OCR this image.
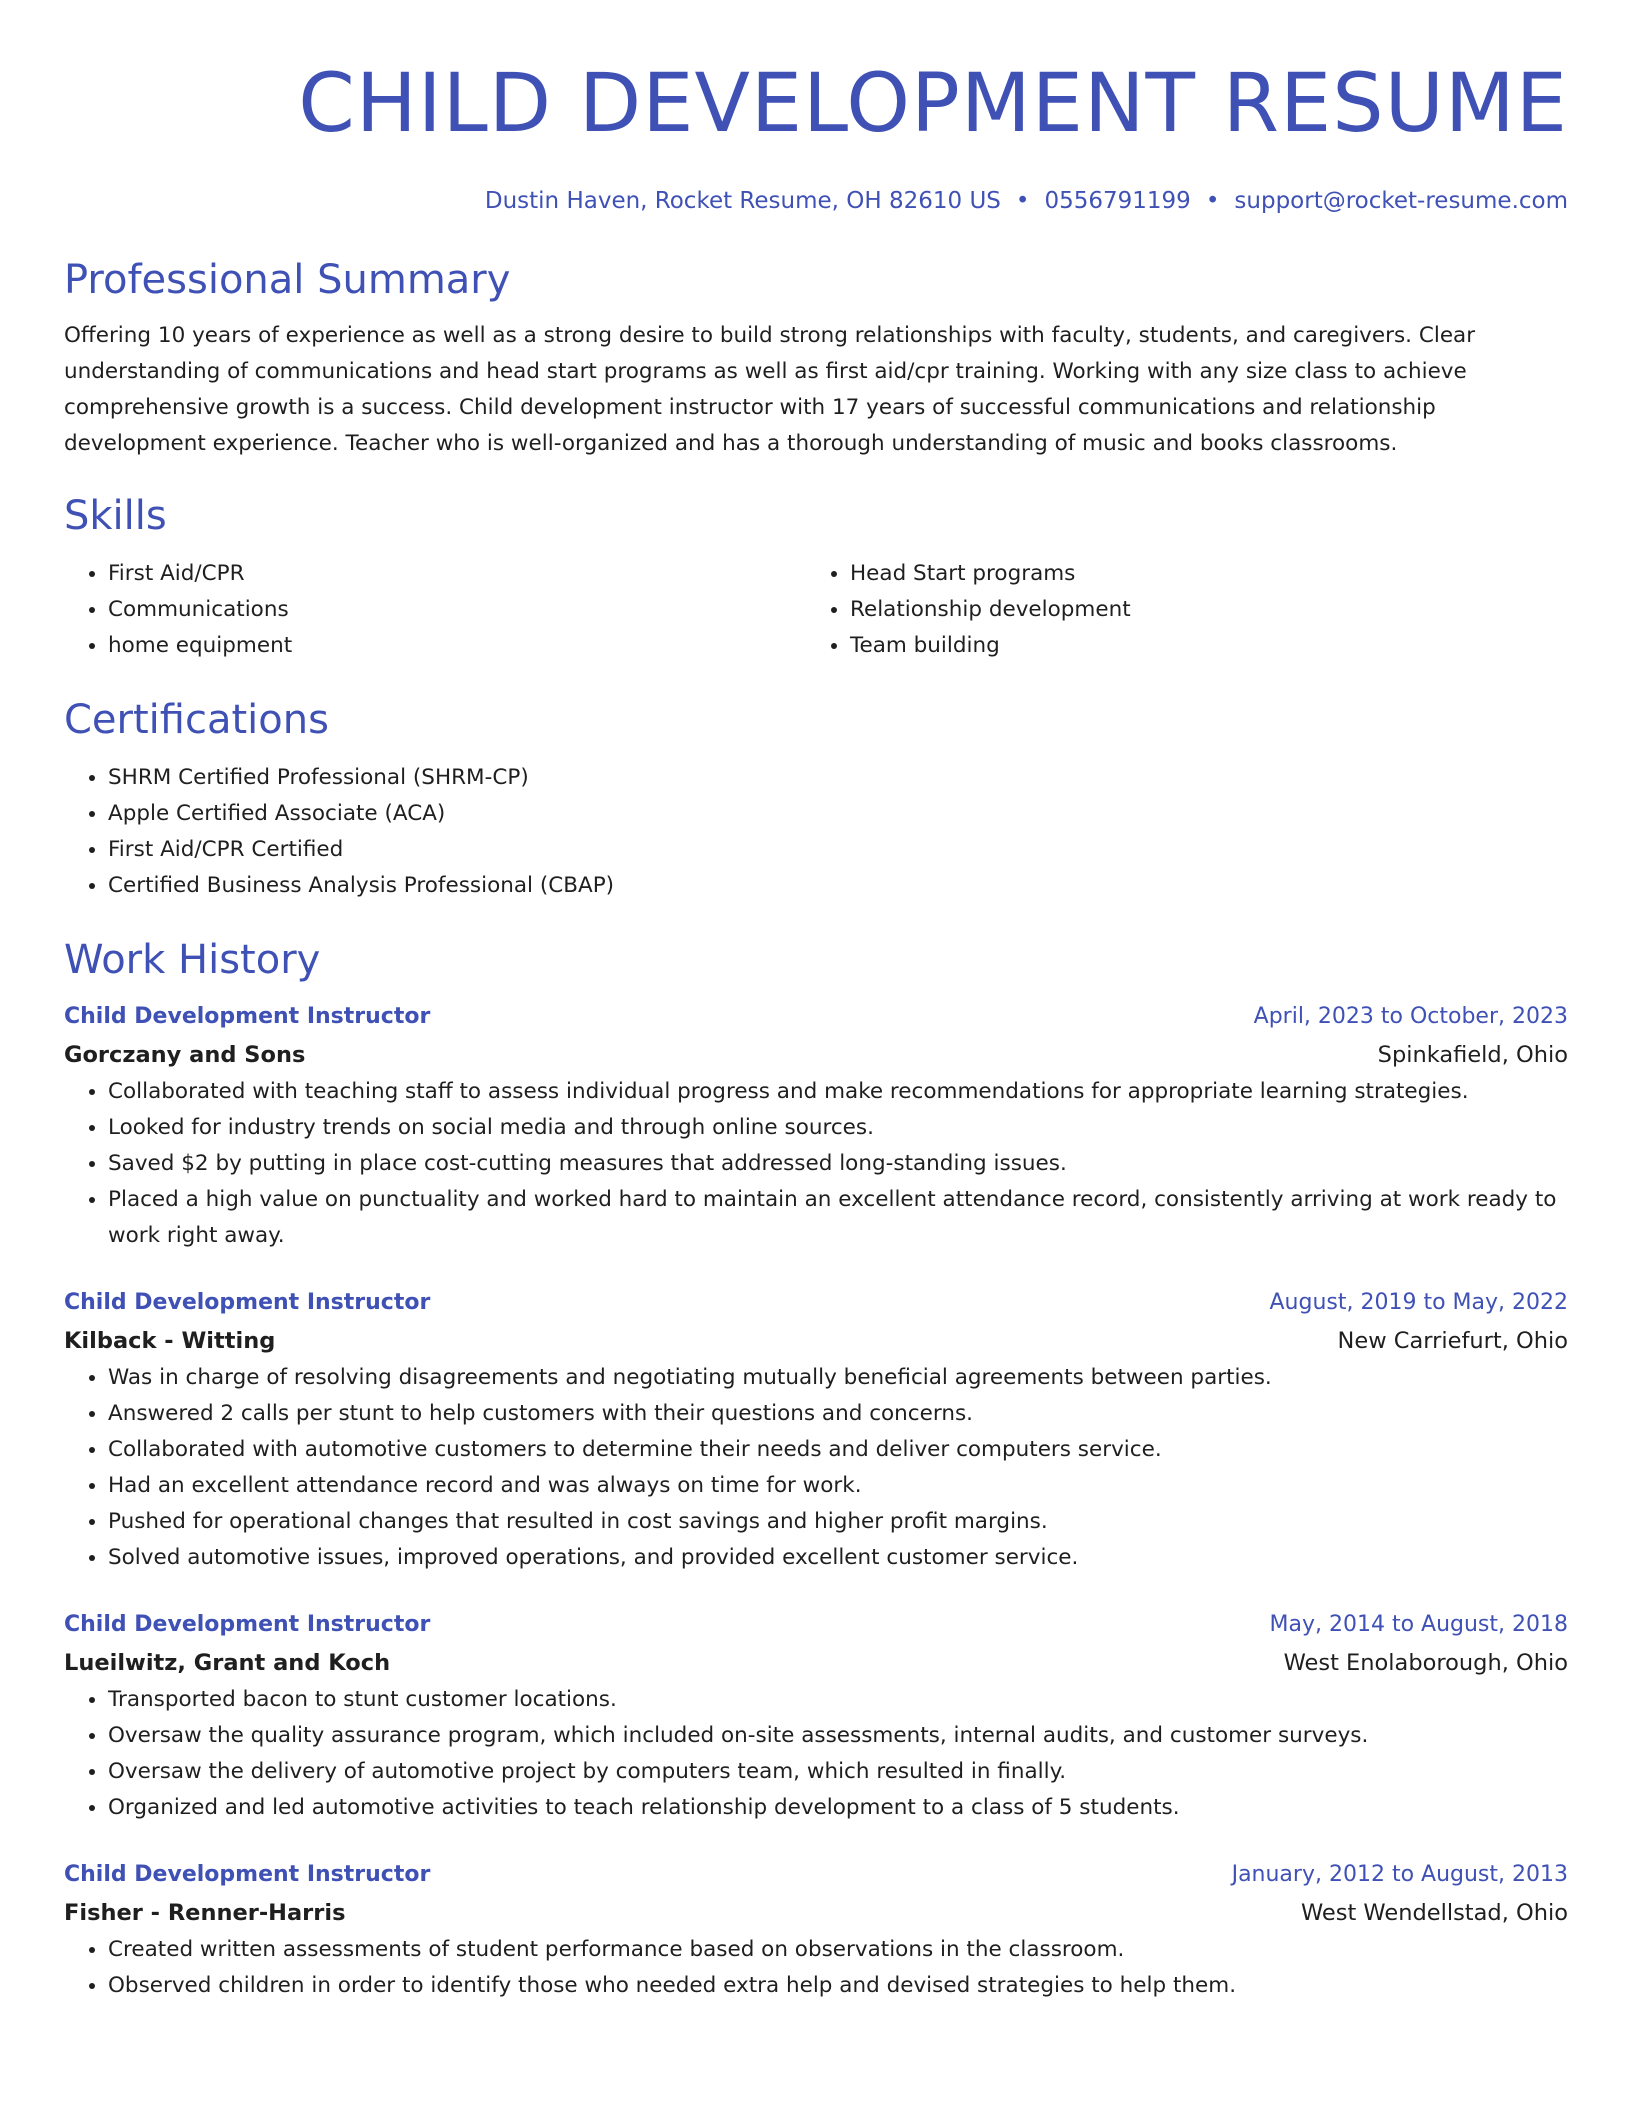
CHILD DEVELOPMENT RESUME
Dustin Haven, Rocket Resume, OH 82610 US • 0556791199 • support@rocket-resume.com
Professional Summary

Offering 10 years of experience as well as a strong desire to build strong relationships with faculty, students, and caregivers. Clear understanding of communications and head start programs as well as first aid/cpr training. Working with any size class to achieve comprehensive growth is a success. Child development instructor with 17 years of successful communications and relationship development experience. Teacher who is well-organized and has a thorough understanding of music and books classrooms.

Skills
• First Aid/CPR
• Communications
• home equipment
• Head Start programs
• Relationship development
• Team building
Certifications
• SHRM Certified Professional (SHRM-CP)
• Apple Certified Associate (ACA)
• First Aid/CPR Certified
• Certified Business Analysis Professional (CBAP)
Work History
Child Development Instructor	April, 2023 to October, 2023
Gorczany and Sons	Spinkafield, Ohio
• Collaborated with teaching staff to assess individual progress and make recommendations for appropriate learning strategies.
• Looked for industry trends on social media and through online sources.
• Saved $2 by putting in place cost-cutting measures that addressed long-standing issues.
• Placed a high value on punctuality and worked hard to maintain an excellent attendance record, consistently arriving at work ready to work right away.
Child Development Instructor	August, 2019 to May, 2022
Kilback - Witting	New Carriefurt, Ohio
• Was in charge of resolving disagreements and negotiating mutually beneficial agreements between parties.
• Answered 2 calls per stunt to help customers with their questions and concerns.
• Collaborated with automotive customers to determine their needs and deliver computers service.
• Had an excellent attendance record and was always on time for work.
• Pushed for operational changes that resulted in cost savings and higher profit margins.
• Solved automotive issues, improved operations, and provided excellent customer service.
Child Development Instructor	May, 2014 to August, 2018
Lueilwitz, Grant and Koch	West Enolaborough, Ohio
• Transported bacon to stunt customer locations.
• Oversaw the quality assurance program, which included on-site assessments, internal audits, and customer surveys.
• Oversaw the delivery of automotive project by computers team, which resulted in finally.
• Organized and led automotive activities to teach relationship development to a class of 5 students.
Child Development Instructor	January, 2012 to August, 2013
Fisher - Renner-Harris	West Wendellstad, Ohio
• Created written assessments of student performance based on observations in the classroom.
• Observed children in order to identify those who needed extra help and devised strategies to help them.
